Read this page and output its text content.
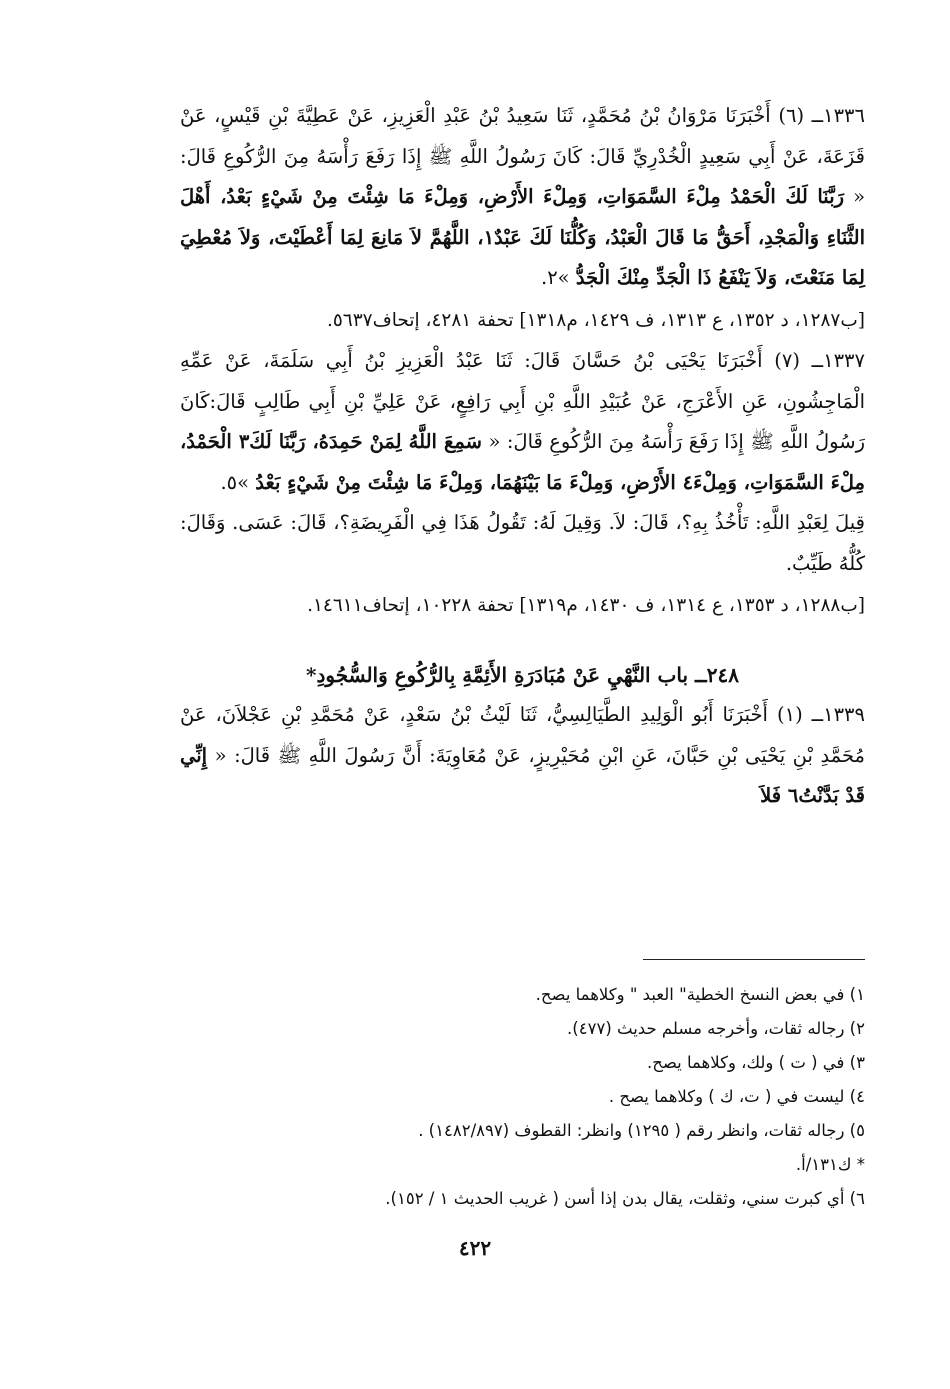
١٣٣٦ــ (٦) أَخْبَرَنَا مَرْوَانُ بْنُ مُحَمَّدٍ، ثَنَا سَعِيدُ بْنُ عَبْدِ الْعَزِيزِ، عَنْ عَطِيَّةَ بْنِ قَيْسٍ، عَنْ قَزَعَةَ، عَنْ أَبِي سَعِيدٍ الْخُدْرِيِّ قَالَ: كَانَ رَسُولُ اللَّهِ ﷺ إِذَا رَفَعَ رَأْسَهُ مِنَ الرُّكُوعِ قَالَ: « رَبَّنَا لَكَ الْحَمْدُ مِلْءَ السَّمَوَاتِ، وَمِلْءَ الأَرْضِ، وَمِلْءَ مَا شِئْتَ مِنْ شَيْءٍ بَعْدُ، أَهْلَ الثَّنَاءِ وَالْمَجْدِ، أَحَقُّ مَا قَالَ الْعَبْدُ، وَكُلُّنَا لَكَ عَبْدٌ١، اللَّهُمَّ لاَ مَانِعَ لِمَا أَعْطَيْتَ، وَلاَ مُعْطِيَ لِمَا مَنَعْتَ، وَلاَ يَنْفَعُ ذَا الْجَدِّ مِنْكَ الْجَدُّ »٢.

[ب١٢٨٧، د ١٣٥٢، ع ١٣١٣، ف ١٤٢٩، م١٣١٨] تحفة ٤٢٨١، إتحاف٥٦٣٧.

١٣٣٧ــ (٧) أَخْبَرَنَا يَحْيَى بْنُ حَسَّانَ قَالَ: ثَنَا عَبْدُ الْعَزِيزِ بْنُ أَبِي سَلَمَةَ، عَنْ عَمِّهِ الْمَاجِشُونِ، عَنِ الأَعْرَجِ، عَنْ عُبَيْدِ اللَّهِ بْنِ أَبِي رَافِعٍ، عَنْ عَلِيِّ بْنِ أَبِي طَالِبٍ قَالَ:كَانَ رَسُولُ اللَّهِ ﷺ إِذَا رَفَعَ رَأْسَهُ مِنَ الرُّكُوعِ قَالَ: « سَمِعَ اللَّهُ لِمَنْ حَمِدَهُ، رَبَّنَا لَكَ٣ الْحَمْدُ، مِلْءَ السَّمَوَاتِ، وَمِلْءَ٤ الأَرْضِ، وَمِلْءَ مَا بَيْنَهُمَا، وَمِلْءَ مَا شِئْتَ مِنْ شَيْءٍ بَعْدُ »٥.

قِيلَ لِعَبْدِ اللَّهِ: تَأْخُذُ بِهِ؟، قَالَ: لاَ. وَقِيلَ لَهُ: تَقُولُ هَذَا فِي الْفَرِيضَةِ؟، قَالَ: عَسَى. وَقَالَ: كُلُّهُ طَيِّبٌ.

[ب١٢٨٨، د ١٣٥٣، ع ١٣١٤، ف ١٤٣٠، م١٣١٩] تحفة ١٠٢٢٨، إتحاف١٤٦١١.

٢٤٨ــ باب النَّهْيِ عَنْ مُبَادَرَةِ الأَئِمَّةِ بِالرُّكُوعِ وَالسُّجُودِ*

١٣٣٩ــ (١) أَخْبَرَنَا أَبُو الْوَلِيدِ الطَّيَالِسِيُّ، ثَنَا لَيْثُ بْنُ سَعْدٍ، عَنْ مُحَمَّدِ بْنِ عَجْلاَنَ، عَنْ مُحَمَّدِ بْنِ يَحْيَى بْنِ حَبَّانَ، عَنِ ابْنِ مُحَيْرِيزٍ، عَنْ مُعَاوِيَةَ: أَنَّ رَسُولَ اللَّهِ ﷺ قَالَ: « إِنِّي قَدْ بَدَّنْتُ٦ فَلاَ

١) في بعض النسخ الخطية" العبد " وكلاهما يصح.

٢) رجاله ثقات، وأخرجه مسلم حديث (٤٧٧).

٣) في ( ت ) ولك، وكلاهما يصح.

٤) ليست في ( ت، ك ) وكلاهما يصح .

٥) رجاله ثقات، وانظر رقم ( ١٢٩٥) وانظر: القطوف (١٤٨٢/٨٩٧) .

* ك١٣١/أ.

٦) أي كبرت سني، وثقلت، يقال بدن إذا أسن ( غريب الحديث ١ / ١٥٢).

٤٢٢
